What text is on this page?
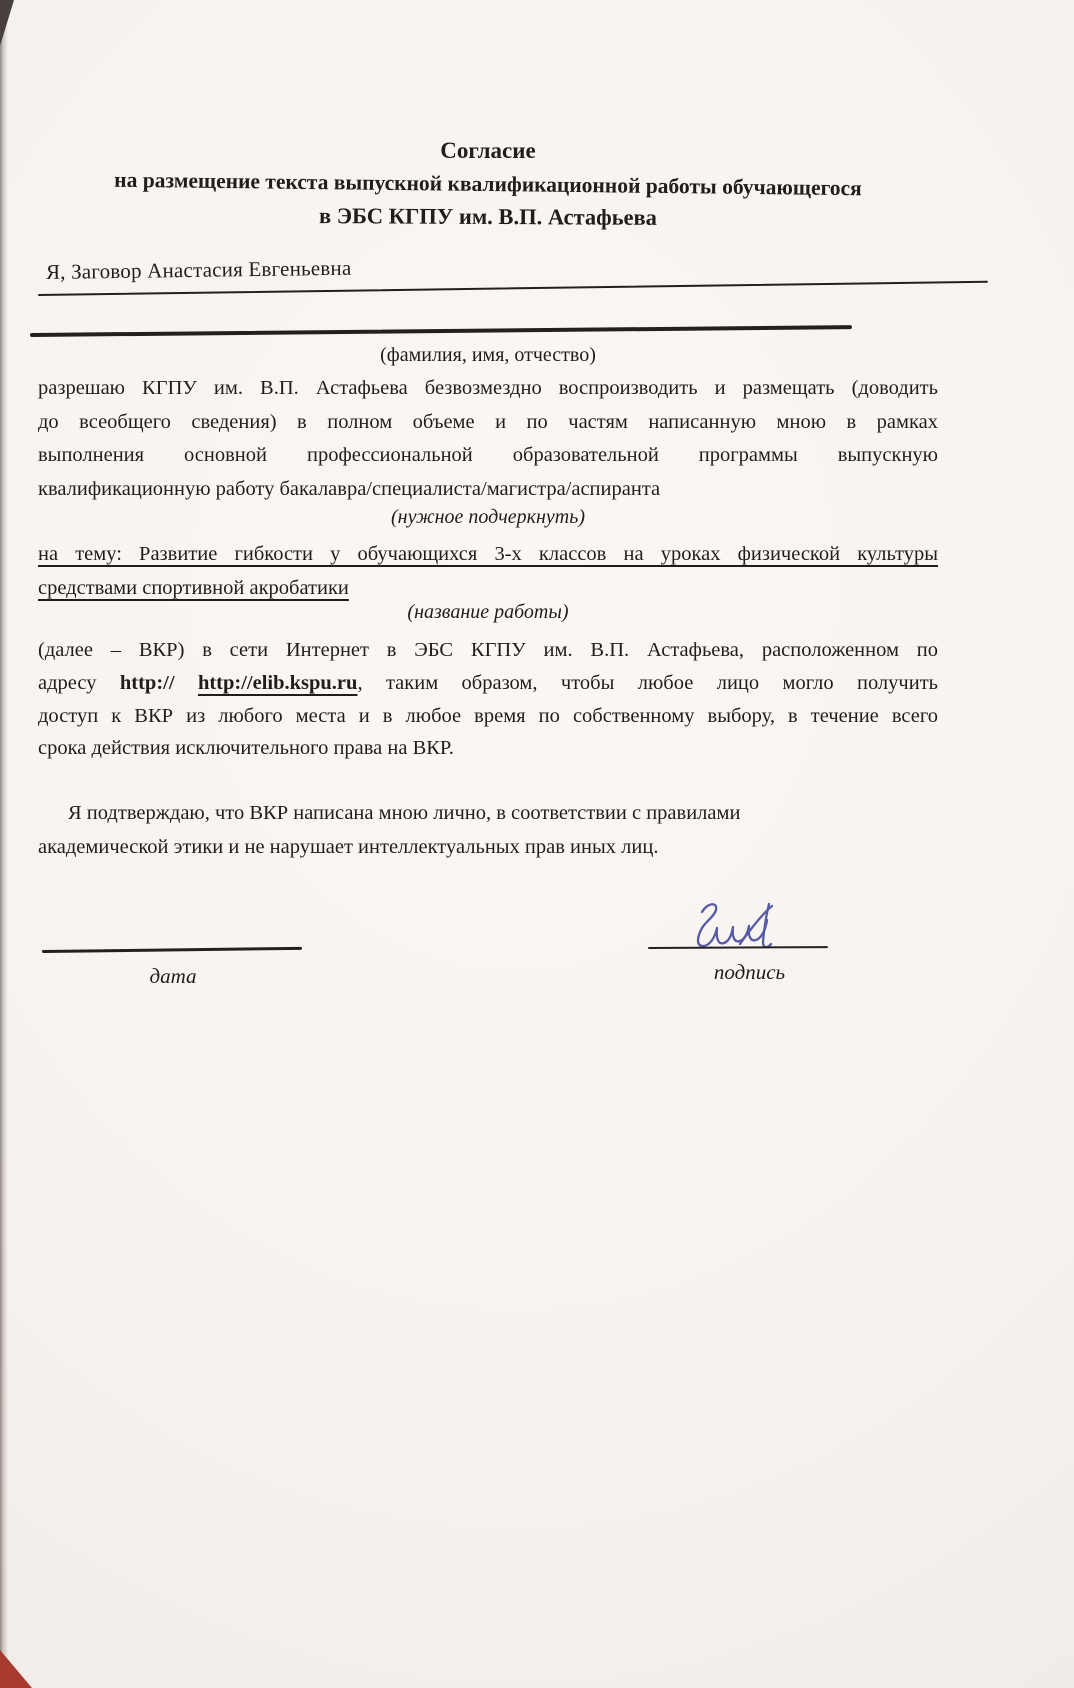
Согласие
на размещение текста выпускной квалификационной работы обучающегося
в ЭБС КГПУ им. В.П. Астафьева
Я, Заговор Анастасия Евгеньевна
(фамилия, имя, отчество)
разрешаю КГПУ им. В.П. Астафьева безвозмездно воспроизводить и размещать (доводить
до всеобщего сведения) в полном объеме и по частям написанную мною в рамках
выполнения основной профессиональной образовательной программы выпускную
квалификационную работу бакалавра/специалиста/магистра/аспиранта
(нужное подчеркнуть)
на тему: Развитие гибкости у обучающихся 3-х классов на уроках физической культуры
средствами спортивной акробатики
(название работы)
(далее – ВКР) в сети Интернет в ЭБС КГПУ им. В.П. Астафьева, расположенном по
адресу http:// http://elib.kspu.ru, таким образом, чтобы любое лицо могло получить
доступ к ВКР из любого места и в любое время по собственному выбору, в течение всего
срока действия исключительного права на ВКР.
Я подтверждаю, что ВКР написана мною лично, в соответствии с правилами
академической этики и не нарушает интеллектуальных прав иных лиц.
дата	подпись
